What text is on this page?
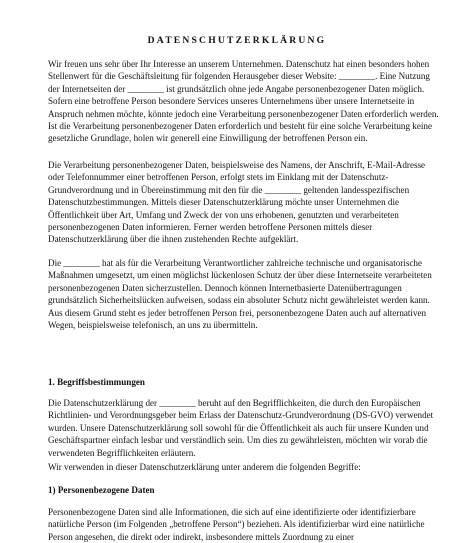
DATENSCHUTZERKLÄRUNG

Wir freuen uns sehr über Ihr Interesse an unserem Unternehmen. Datenschutz hat einen besonders hohen Stellenwert für die Geschäftsleitung für folgenden Herausgeber dieser Website: ________. Eine Nutzung der Internetseiten der ________ ist grundsätzlich ohne jede Angabe personenbezogener Daten möglich. Sofern eine betroffene Person besondere Services unseres Unternehmens über unsere Internetseite in Anspruch nehmen möchte, könnte jedoch eine Verarbeitung personenbezogener Daten erforderlich werden. Ist die Verarbeitung personenbezogener Daten erforderlich und besteht für eine solche Verarbeitung keine gesetzliche Grundlage, holen wir generell eine Einwilligung der betroffenen Person ein.

Die Verarbeitung personenbezogener Daten, beispielsweise des Namens, der Anschrift, E-Mail-Adresse oder Telefonnummer einer betroffenen Person, erfolgt stets im Einklang mit der Datenschutz-Grundverordnung und in Übereinstimmung mit den für die ________ geltenden landesspezifischen Datenschutzbestimmungen. Mittels dieser Datenschutzerklärung möchte unser Unternehmen die Öffentlichkeit über Art, Umfang und Zweck der von uns erhobenen, genutzten und verarbeiteten personenbezogenen Daten informieren. Ferner werden betroffene Personen mittels dieser Datenschutzerklärung über die ihnen zustehenden Rechte aufgeklärt.

Die ________ hat als für die Verarbeitung Verantwortlicher zahlreiche technische und organisatorische Maßnahmen umgesetzt, um einen möglichst lückenlosen Schutz der über diese Internetseite verarbeiteten personenbezogenen Daten sicherzustellen. Dennoch können Internetbasierte Datenübertragungen grundsätzlich Sicherheitslücken aufweisen, sodass ein absoluter Schutz nicht gewährleistet werden kann. Aus diesem Grund steht es jeder betroffenen Person frei, personenbezogene Daten auch auf alternativen Wegen, beispielsweise telefonisch, an uns zu übermitteln.

1. Begriffsbestimmungen

Die Datenschutzerklärung der ________ beruht auf den Begrifflichkeiten, die durch den Europäischen Richtlinien- und Verordnungsgeber beim Erlass der Datenschutz-Grundverordnung (DS-GVO) verwendet wurden. Unsere Datenschutzerklärung soll sowohl für die Öffentlichkeit als auch für unsere Kunden und Geschäftspartner einfach lesbar und verständlich sein. Um dies zu gewährleisten, möchten wir vorab die verwendeten Begrifflichkeiten erläutern.

Wir verwenden in dieser Datenschutzerklärung unter anderem die folgenden Begriffe:

1) Personenbezogene Daten

Personenbezogene Daten sind alle Informationen, die sich auf eine identifizierte oder identifizierbare natürliche Person (im Folgenden „betroffene Person“) beziehen. Als identifizierbar wird eine natürliche Person angesehen, die direkt oder indirekt, insbesondere mittels Zuordnung zu einer
